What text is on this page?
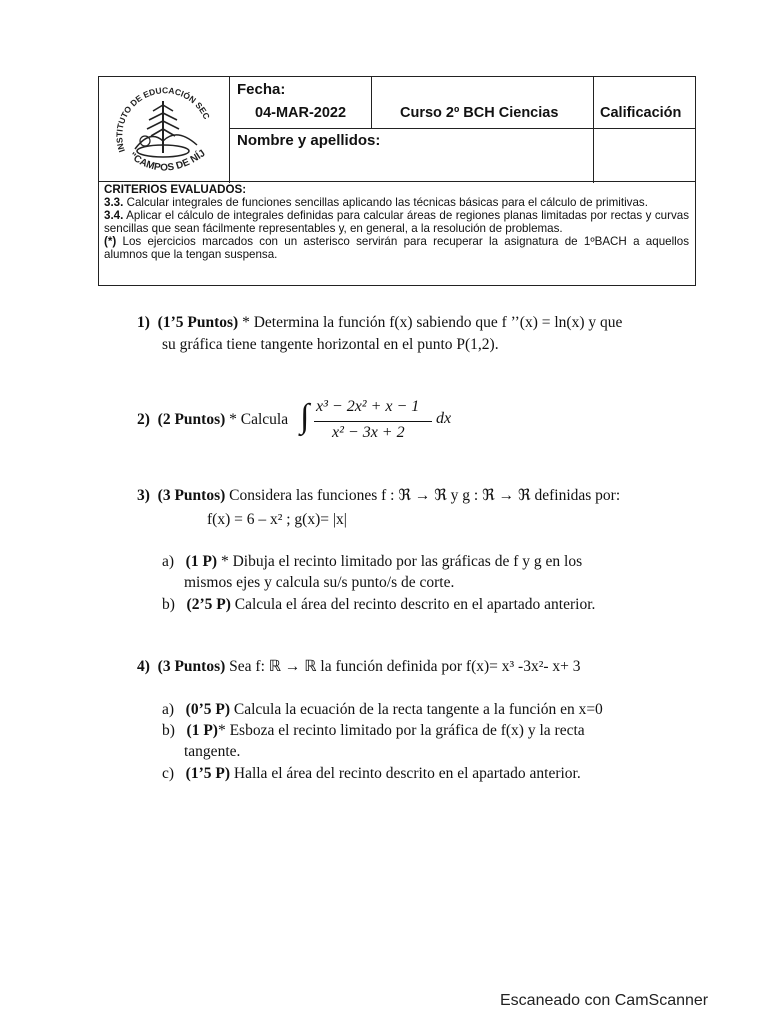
INSTITUTO DE EDUCACIÓN SEC
"CAMPOS DE NÍJ
Fecha:
04-MAR-2022	Curso 2º BCH Ciencias	Calificación
Nombre y apellidos:

CRITERIOS EVALUADOS:

3.3. Calcular integrales de funciones sencillas aplicando las técnicas básicas para el cálculo de primitivas.

3.4. Aplicar el cálculo de integrales definidas para calcular áreas de regiones planas limitadas por rectas y curvas sencillas que sean fácilmente representables y, en general, a la resolución de problemas.

(*) Los ejercicios marcados con un asterisco servirán para recuperar la asignatura de 1ºBACH a aquellos alumnos que la tengan suspensa.

1) (1’5 Puntos) * Determina la función f(x) sabiendo que f ’’(x) = ln(x) y que
su gráfica tiene tangente horizontal en el punto P(1,2).
2) (2 Puntos) * Calcula ∫ x³ − 2x² + x − 1
x² − 3x + 2
dx
3) (3 Puntos) Considera las funciones f : ℜ → ℜ y g : ℜ → ℜ definidas por:
f(x) = 6 – x² ; g(x)= |x|
a) (1 P) * Dibuja el recinto limitado por las gráficas de f y g en los
mismos ejes y calcula su/s punto/s de corte.
b) (2’5 P) Calcula el área del recinto descrito en el apartado anterior.
4) (3 Puntos) Sea f: ℝ → ℝ la función definida por f(x)= x³ -3x²- x+ 3
a) (0’5 P) Calcula la ecuación de la recta tangente a la función en x=0
b) (1 P)* Esboza el recinto limitado por la gráfica de f(x) y la recta
tangente.
c) (1’5 P) Halla el área del recinto descrito en el apartado anterior.
Escaneado con CamScanner
